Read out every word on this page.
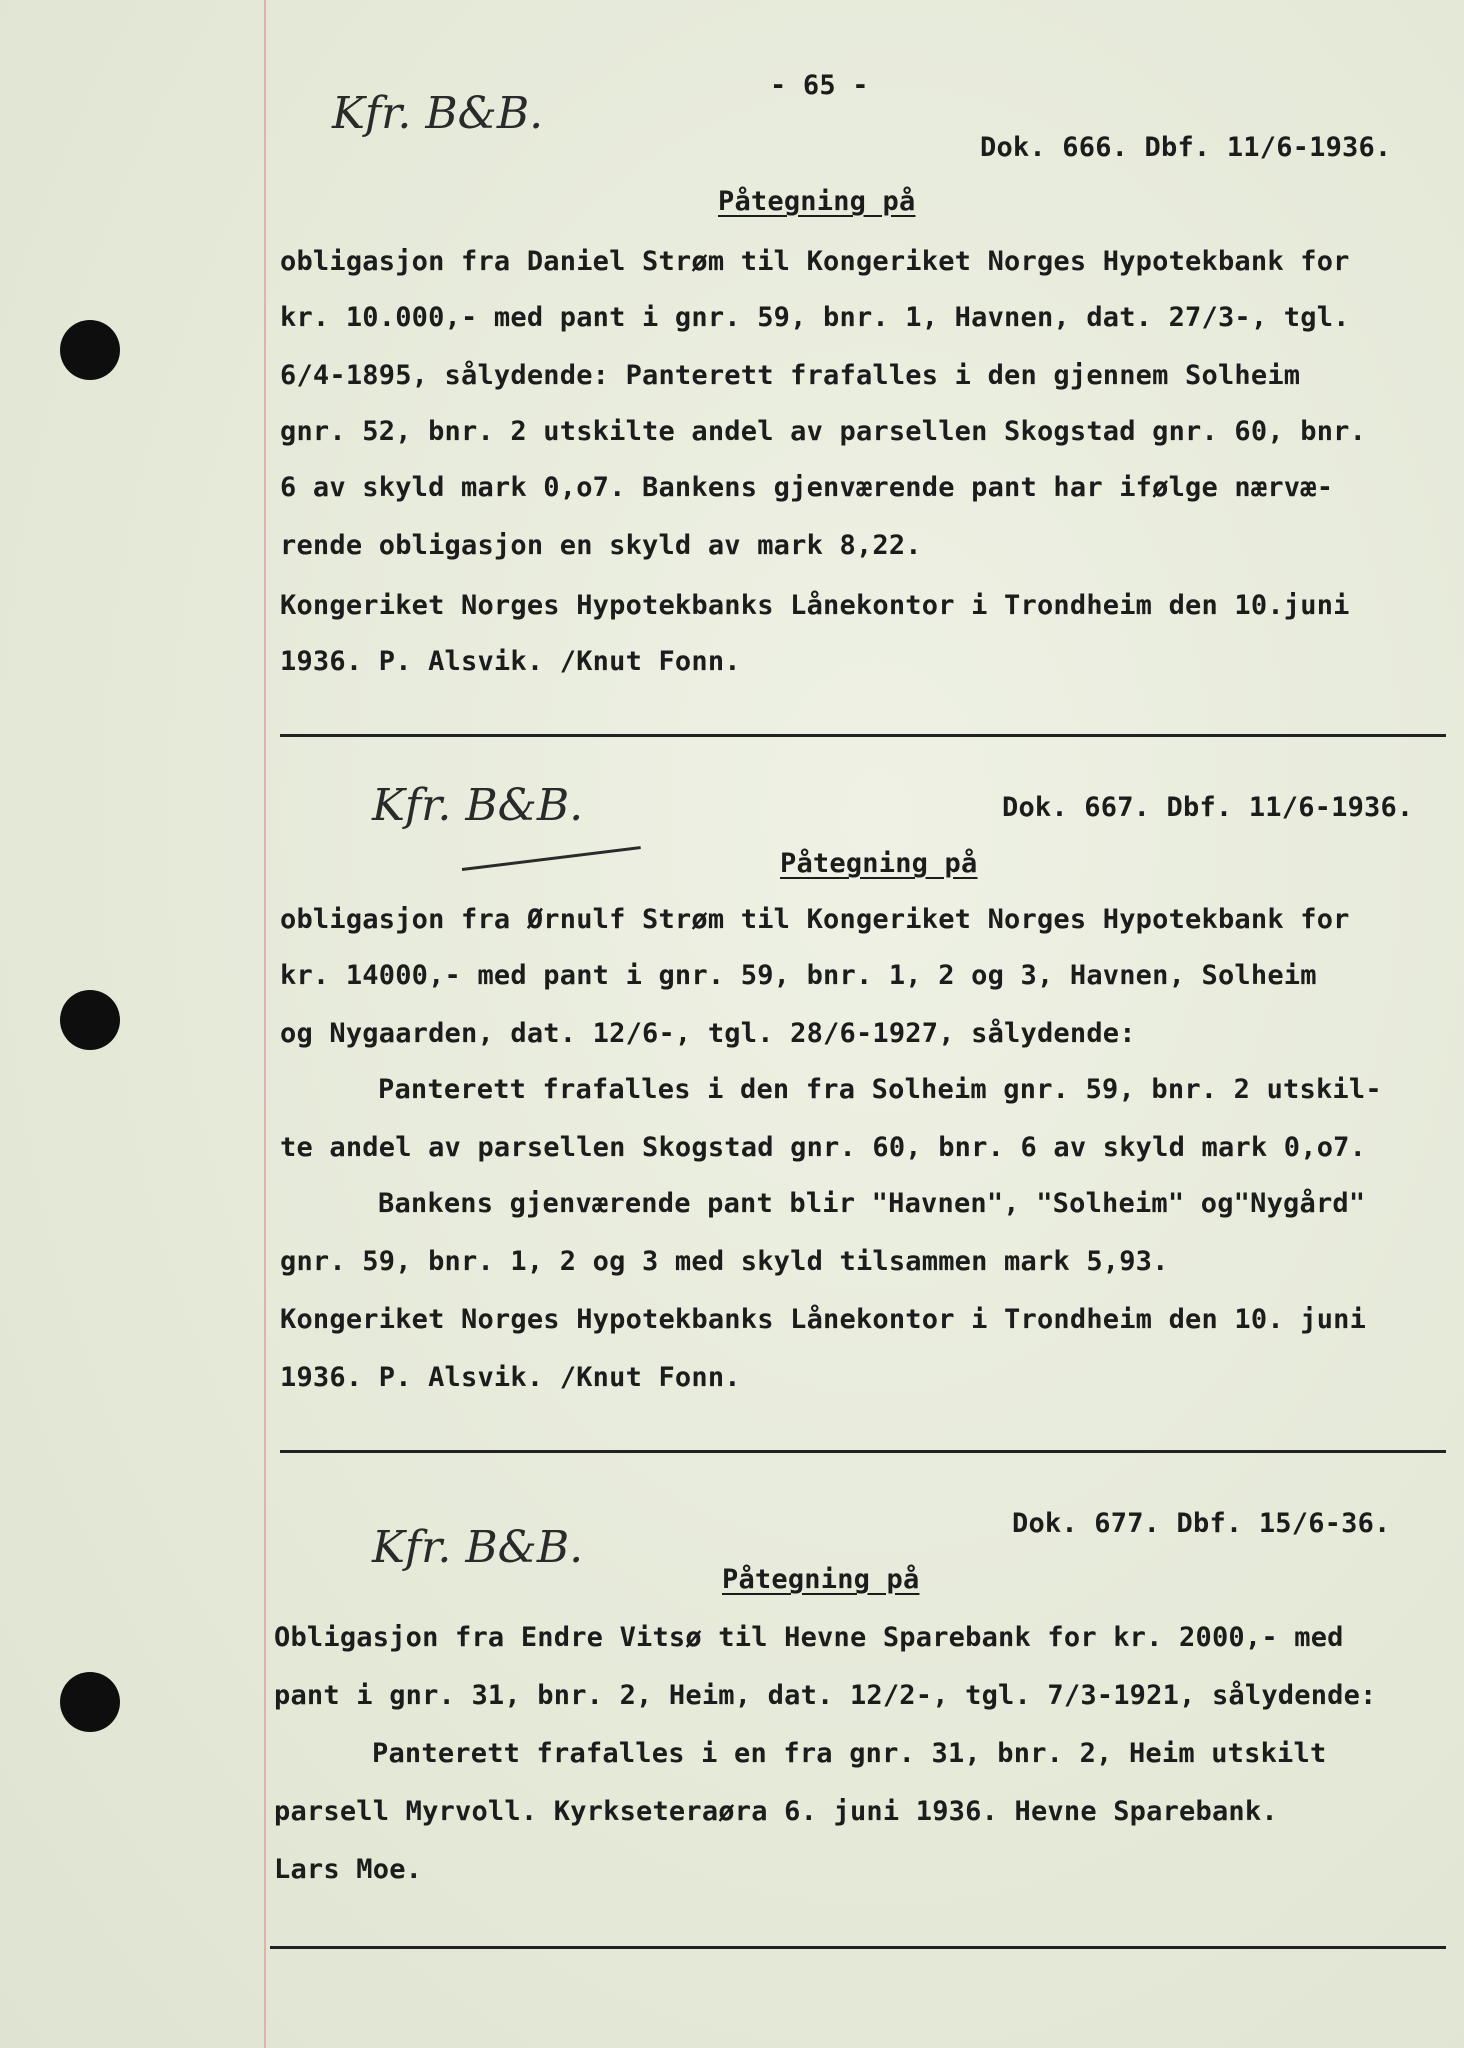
- 65 -
Kfr. B&B.
Dok. 666. Dbf. 11/6-1936.
Påtegning på
obligasjon fra Daniel Strøm til Kongeriket Norges Hypotekbank for
kr. 10.000,- med pant i gnr. 59, bnr. 1, Havnen, dat. 27/3-, tgl.
6/4-1895, sålydende: Panterett frafalles i den gjennem Solheim
gnr. 52, bnr. 2 utskilte andel av parsellen Skogstad gnr. 60, bnr.
6 av skyld mark 0,o7. Bankens gjenværende pant har ifølge nærvæ-
rende obligasjon en skyld av mark 8,22.
Kongeriket Norges Hypotekbanks Lånekontor i Trondheim den 10.juni
1936. P. Alsvik. /Knut Fonn.
Kfr. B&B.	Dok. 667. Dbf. 11/6-1936.
Påtegning på
obligasjon fra Ørnulf Strøm til Kongeriket Norges Hypotekbank for
kr. 14000,- med pant i gnr. 59, bnr. 1, 2 og 3, Havnen, Solheim
og Nygaarden, dat. 12/6-, tgl. 28/6-1927, sålydende:
Panterett frafalles i den fra Solheim gnr. 59, bnr. 2 utskil-
te andel av parsellen Skogstad gnr. 60, bnr. 6 av skyld mark 0,o7.
Bankens gjenværende pant blir "Havnen", "Solheim" og"Nygård"
gnr. 59, bnr. 1, 2 og 3 med skyld tilsammen mark 5,93.
Kongeriket Norges Hypotekbanks Lånekontor i Trondheim den 10. juni
1936. P. Alsvik. /Knut Fonn.
Kfr. B&B.	Dok. 677. Dbf. 15/6-36.
Påtegning på
Obligasjon fra Endre Vitsø til Hevne Sparebank for kr. 2000,- med
pant i gnr. 31, bnr. 2, Heim, dat. 12/2-, tgl. 7/3-1921, sålydende:
Panterett frafalles i en fra gnr. 31, bnr. 2, Heim utskilt
parsell Myrvoll. Kyrkseteraøra 6. juni 1936. Hevne Sparebank.
Lars Moe.
